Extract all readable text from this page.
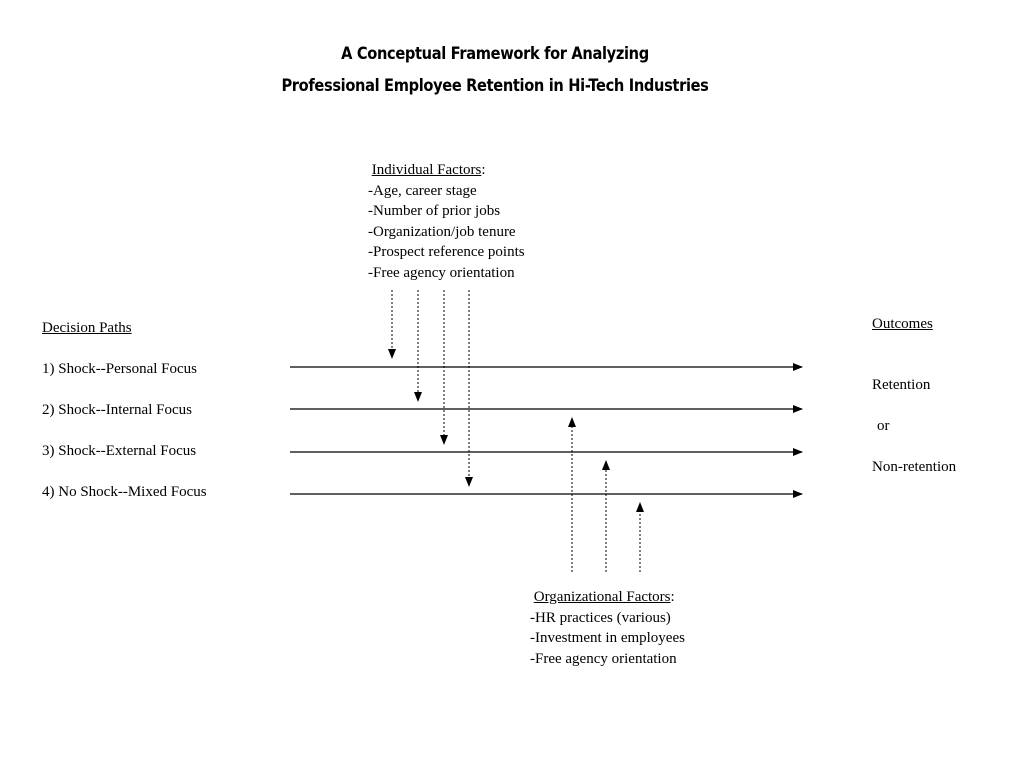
A Conceptual Framework for Analyzing
Professional Employee Retention in Hi-Tech Industries
Individual Factors:
-Age, career stage
-Number of prior jobs
-Organization/job tenure
-Prospect reference points
-Free agency orientation
Decision Paths
1) Shock--Personal Focus
2) Shock--Internal Focus
3) Shock--External Focus
4) No Shock--Mixed Focus
Outcomes
Retention
or
Non-retention
Organizational Factors:
-HR practices (various)
-Investment in employees
-Free agency orientation
